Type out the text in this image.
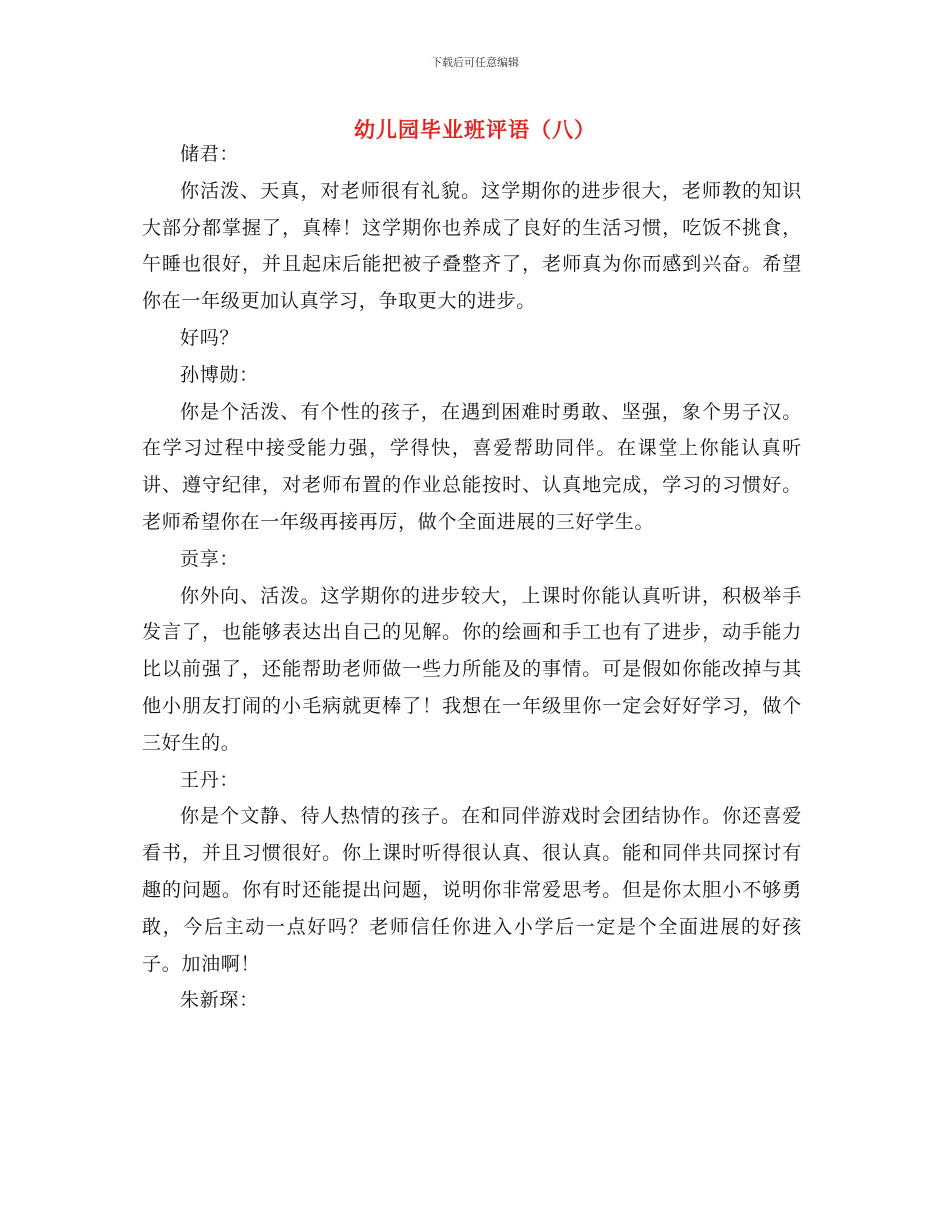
下载后可任意编辑
幼儿园毕业班评语（八）

储君：

你活泼、天真，对老师很有礼貌。这学期你的进步很大，老师教的知识大部分都掌握了，真棒！这学期你也养成了良好的生活习惯，吃饭不挑食，午睡也很好，并且起床后能把被子叠整齐了，老师真为你而感到兴奋。希望你在一年级更加认真学习，争取更大的进步。

好吗？

孙博勋：

你是个活泼、有个性的孩子，在遇到困难时勇敢、坚强，象个男子汉。在学习过程中接受能力强，学得快，喜爱帮助同伴。在课堂上你能认真听讲、遵守纪律，对老师布置的作业总能按时、认真地完成，学习的习惯好。老师希望你在一年级再接再厉，做个全面进展的三好学生。

贡享：

你外向、活泼。这学期你的进步较大，上课时你能认真听讲，积极举手发言了，也能够表达出自己的见解。你的绘画和手工也有了进步，动手能力比以前强了，还能帮助老师做一些力所能及的事情。可是假如你能改掉与其他小朋友打闹的小毛病就更棒了！我想在一年级里你一定会好好学习，做个三好生的。

王丹：

你是个文静、待人热情的孩子。在和同伴游戏时会团结协作。你还喜爱看书，并且习惯很好。你上课时听得很认真、很认真。能和同伴共同探讨有趣的问题。你有时还能提出问题，说明你非常爱思考。但是你太胆小不够勇敢，今后主动一点好吗？老师信任你进入小学后一定是个全面进展的好孩子。加油啊！

朱新琛：
